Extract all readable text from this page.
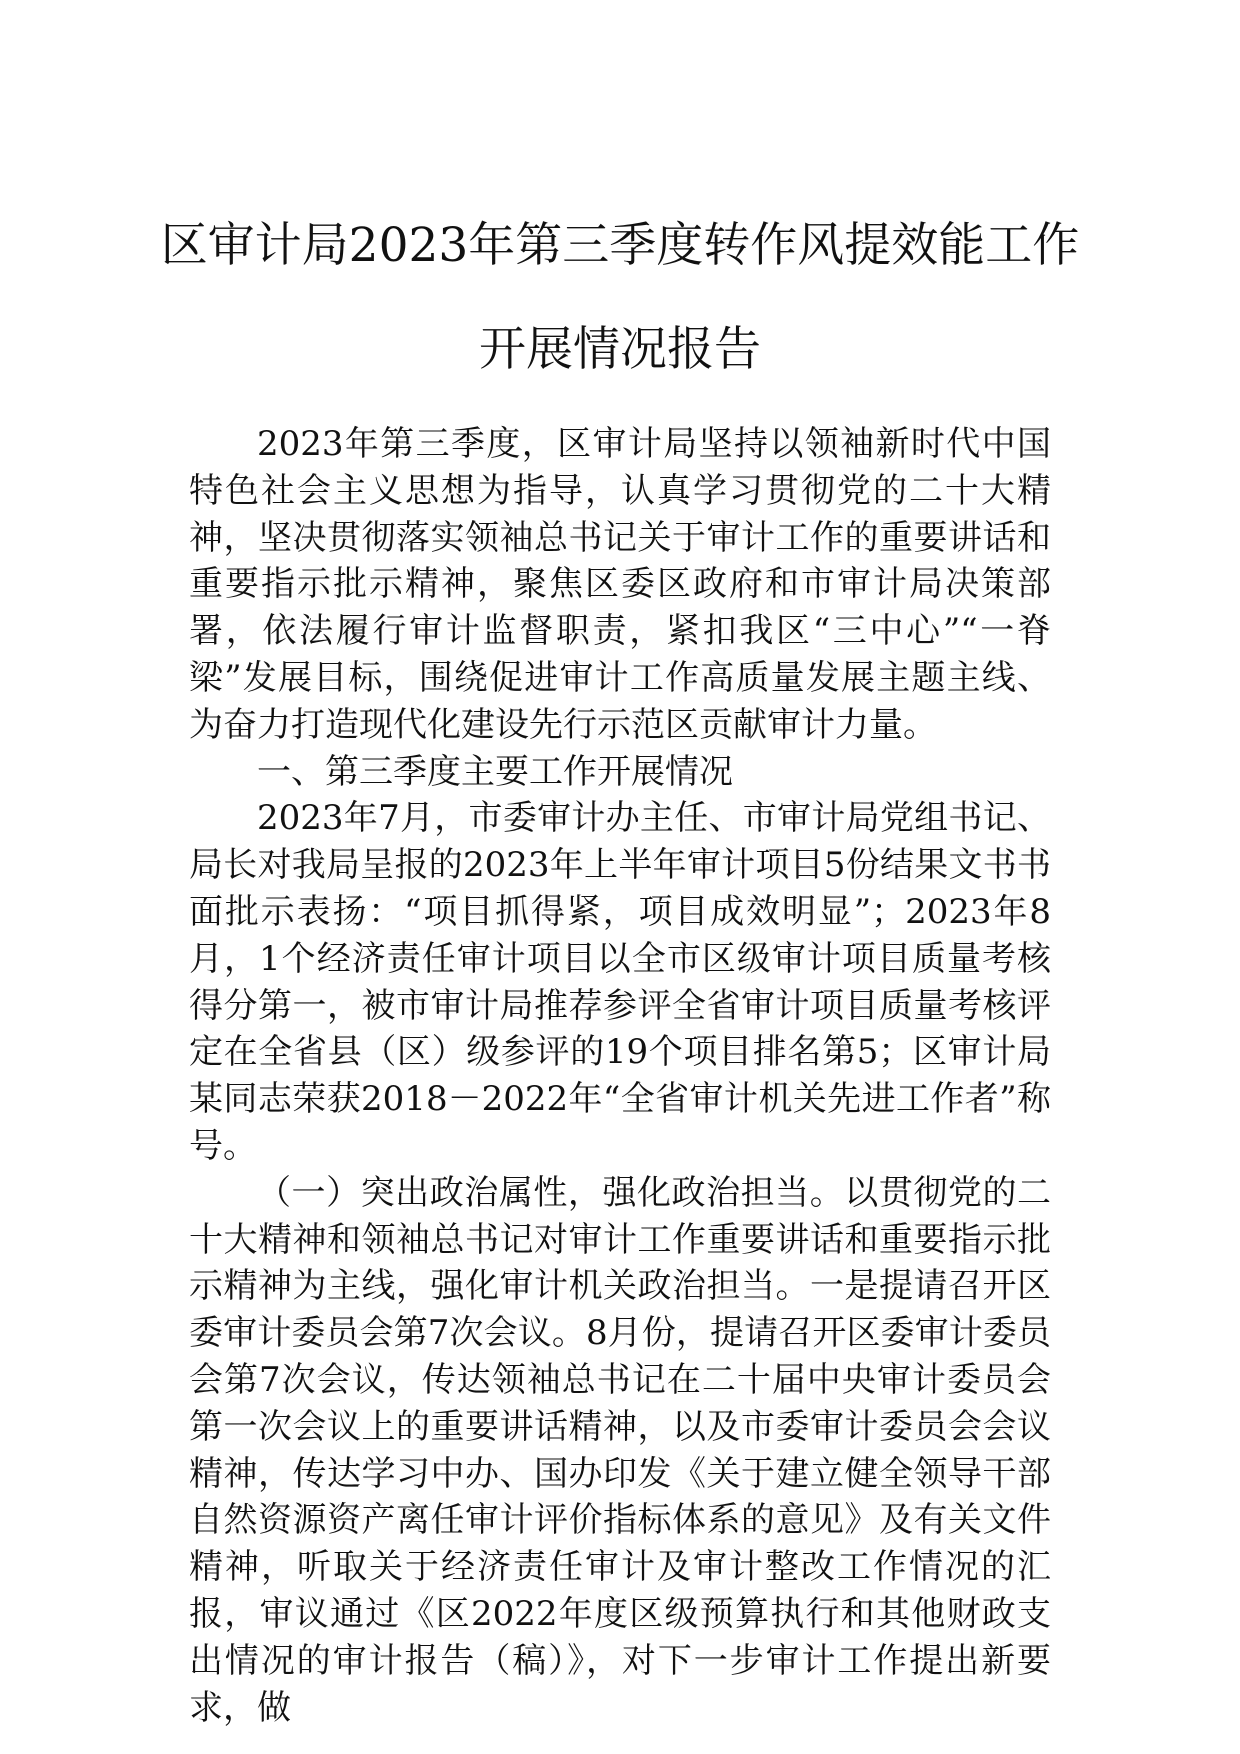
区审计局2023年第三季度转作风提效能工作开展情况报告

2023年第三季度，区审计局坚持以领袖新时代中国特色社会主义思想为指导，认真学习贯彻党的二十大精神，坚决贯彻落实领袖总书记关于审计工作的重要讲话和重要指示批示精神，聚焦区委区政府和市审计局决策部署，依法履行审计监督职责，紧扣我区“三中心”“一脊梁”发展目标，围绕促进审计工作高质量发展主题主线、为奋力打造现代化建设先行示范区贡献审计力量。

一、第三季度主要工作开展情况

2023年7月，市委审计办主任、市审计局党组书记、局长对我局呈报的2023年上半年审计项目5份结果文书书面批示表扬：“项目抓得紧，项目成效明显”；2023年8月，1个经济责任审计项目以全市区级审计项目质量考核得分第一，被市审计局推荐参评全省审计项目质量考核评定在全省县（区）级参评的19个项目排名第5；区审计局某同志荣获2018－2022年“全省审计机关先进工作者”称号。

（一）突出政治属性，强化政治担当。以贯彻党的二十大精神和领袖总书记对审计工作重要讲话和重要指示批示精神为主线，强化审计机关政治担当。一是提请召开区委审计委员会第7次会议。8月份，提请召开区委审计委员会第7次会议，传达领袖总书记在二十届中央审计委员会第一次会议上的重要讲话精神，以及市委审计委员会会议精神，传达学习中办、国办印发《关于建立健全领导干部自然资源资产离任审计评价指标体系的意见》及有关文件精神，听取关于经济责任审计及审计整改工作情况的汇报，审议通过《区2022年度区级预算执行和其他财政支出情况的审计报告（稿）》，对下一步审计工作提出新要求，做
